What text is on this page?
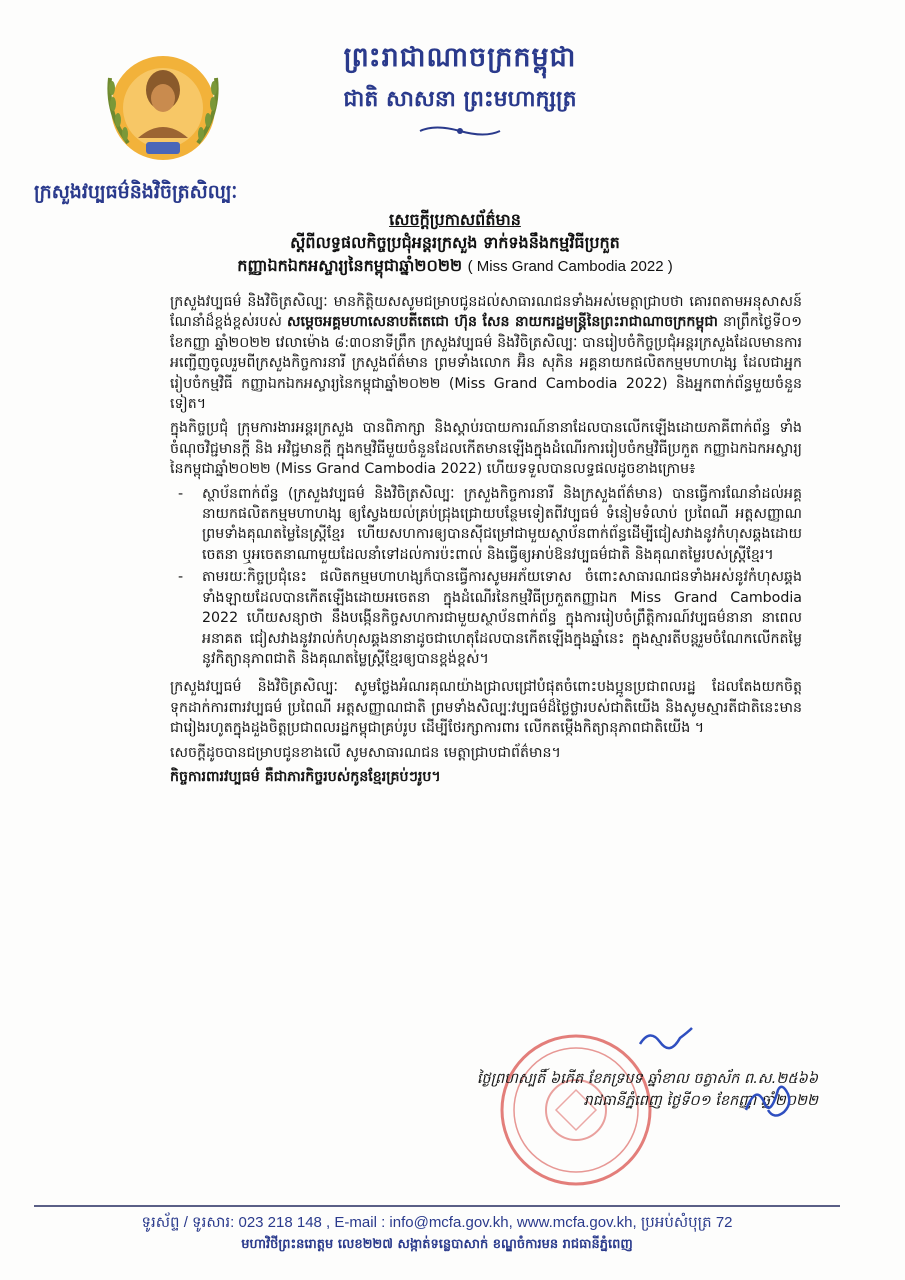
ព្រះរាជាណាចក្រកម្ពុជា
ជាតិ សាសនា ព្រះមហាក្សត្រ
ក្រសួងវប្បធម៌និងវិចិត្រសិល្បៈ
សេចក្ដីប្រកាសព័ត៌មាន
ស្ដីពីលទ្ធផលកិច្ចប្រជុំអន្តរក្រសួង ទាក់ទងនឹងកម្មវិធីប្រកួត
កញ្ញាឯកឯកអស្ចារ្យនៃកម្ពុជាឆ្នាំ២០២២ ( Miss Grand Cambodia 2022 )

ក្រសួងវប្បធម៌ និងវិចិត្រសិល្បៈ មានកិត្តិយសសូមជម្រាបជូនដល់សាធារណជនទាំងអស់មេត្តាជ្រាបថា គោរពតាមអនុសាសន៍ណែនាំដ៏ខ្ពង់ខ្ពស់របស់ សម្តេចអគ្គមហាសេនាបតីតេជោ ហ៊ុន សែន នាយករដ្ឋមន្ត្រីនៃព្រះរាជាណាចក្រកម្ពុជា នាព្រឹកថ្ងៃទី០១ ខែកញ្ញា ឆ្នាំ២០២២ វេលាម៉ោង ៨:៣០នាទីព្រឹក ក្រសួងវប្បធម៌ និងវិចិត្រសិល្បៈ បានរៀបចំកិច្ចប្រជុំអន្តរក្រសួងដែលមានការអញ្ជើញចូលរួមពីក្រសួងកិច្ចការនារី ក្រសួងព័ត៌មាន ព្រមទាំងលោក អ៊ិន សុភិន អគ្គនាយកផលិតកម្មមហាហង្ស ដែលជាអ្នករៀបចំកម្មវិធី កញ្ញាឯកឯកអស្ចារ្យនៃកម្ពុជាឆ្នាំ២០២២ (Miss Grand Cambodia 2022) និងអ្នកពាក់ព័ន្ធមួយចំនួនទៀត។

ក្នុងកិច្ចប្រជុំ ក្រុមការងារអន្តរក្រសួង បានពិភាក្សា និងស្តាប់របាយការណ៍នានាដែលបានលើកឡើងដោយភាគីពាក់ព័ន្ធ ទាំងចំណុចវិជ្ជមានក្តី និង អវិជ្ជមានក្តី ក្នុងកម្មវិធីមួយចំនួនដែលកើតមានឡើងក្នុងដំណើរការរៀបចំកម្មវិធីប្រកួត កញ្ញាឯកឯកអស្ចារ្យនៃកម្ពុជាឆ្នាំ២០២២ (Miss Grand Cambodia 2022) ហើយទទួលបានលទ្ធផលដូចខាងក្រោម៖

- ស្ថាប័នពាក់ព័ន្ធ (ក្រសួងវប្បធម៌ និងវិចិត្រសិល្បៈ ក្រសួងកិច្ចការនារី និងក្រសួងព័ត៌មាន) បានធ្វើការណែនាំដល់អគ្គនាយកផលិតកម្មមហាហង្ស ឲ្យស្វែងយល់គ្រប់ជ្រុងជ្រោយបន្ថែមទៀតពីវប្បធម៌ ទំនៀមទំលាប់ ប្រពៃណី អត្តសញ្ញាណ ព្រមទាំងគុណតម្លៃនៃស្ត្រីខ្មែរ ហើយសហការឲ្យបានស៊ីជម្រៅជាមួយស្ថាប័នពាក់ព័ន្ធដើម្បីជៀសវាងនូវកំហុសឆ្គងដោយចេតនា ឬអចេតនាណាមួយដែលនាំទៅដល់ការប៉ះពាល់ និងធ្វើឲ្យអាប់ឱនវប្បធម៌ជាតិ និងគុណតម្លៃរបស់ស្ត្រីខ្មែរ។
- តាមរយៈកិច្ចប្រជុំនេះ ផលិតកម្មមហាហង្សក៏បានធ្វើការសូមអភ័យទោស ចំពោះសាធារណជនទាំងអស់នូវកំហុសឆ្គងទាំងឡាយដែលបានកើតឡើងដោយអចេតនា ក្នុងដំណើរនៃកម្មវិធីប្រកួតកញ្ញាឯក Miss Grand Cambodia 2022 ហើយសន្យាថា នឹងបង្កើនកិច្ចសហការជាមួយស្ថាប័នពាក់ព័ន្ធ ក្នុងការរៀបចំព្រឹត្តិការណ៍វប្បធម៌នានា នាពេលអនាគត ជៀសវាងនូវរាល់កំហុសឆ្គងនានាដូចជាហេតុដែលបានកើតឡើងក្នុងឆ្នាំនេះ ក្នុងស្មារតីបន្តរួមចំណែកលើកតម្លៃនូវកិត្យានុភាពជាតិ និងគុណតម្លៃស្ត្រីខ្មែរឲ្យបានខ្ពង់ខ្ពស់។

ក្រសួងវប្បធម៌ និងវិចិត្រសិល្បៈ សូមថ្លែងអំណរគុណយ៉ាងជ្រាលជ្រៅបំផុតចំពោះបងប្អូនប្រជាពលរដ្ឋ ដែលតែងយកចិត្តទុកដាក់ការពារវប្បធម៌ ប្រពៃណី អត្តសញ្ញាណជាតិ ព្រមទាំងសិល្បៈវប្បធម៌ដ៏ថ្លៃថ្លារបស់ជាតិយើង និងសូមស្មារតីជាតិនេះមានជារៀងរហូតក្នុងដួងចិត្តប្រជាពលរដ្ឋកម្ពុជាគ្រប់រូប ដើម្បីថែរក្សាការពារ លើកតម្កើងកិត្យានុភាពជាតិយើង ។

សេចក្តីដូចបានជម្រាបជូនខាងលើ សូមសាធារណជន មេត្តាជ្រាបជាព័ត៌មាន។

កិច្ចការពារវប្បធម៌ គឺជាភារកិច្ចរបស់កូនខ្មែរគ្រប់ៗរូប។

ថ្ងៃព្រហស្បតិ៍ ៦កើត ខែភទ្របទ ឆ្នាំខាល ចត្វាស័ក ព.ស.២៥៦៦
រាជធានីភ្នំពេញ ថ្ងៃទី០១ ខែកញ្ញា ឆ្នាំ២០២២
ទូរស័ព្ទ / ទូរសារ: 023 218 148 , E-mail : info@mcfa.gov.kh, www.mcfa.gov.kh, ប្រអប់សំបុត្រ 72
មហាវិថីព្រះនរោត្តម លេខ២២៧ សង្កាត់ទន្លេបាសាក់ ខណ្ឌចំការមន រាជធានីភ្នំពេញ
